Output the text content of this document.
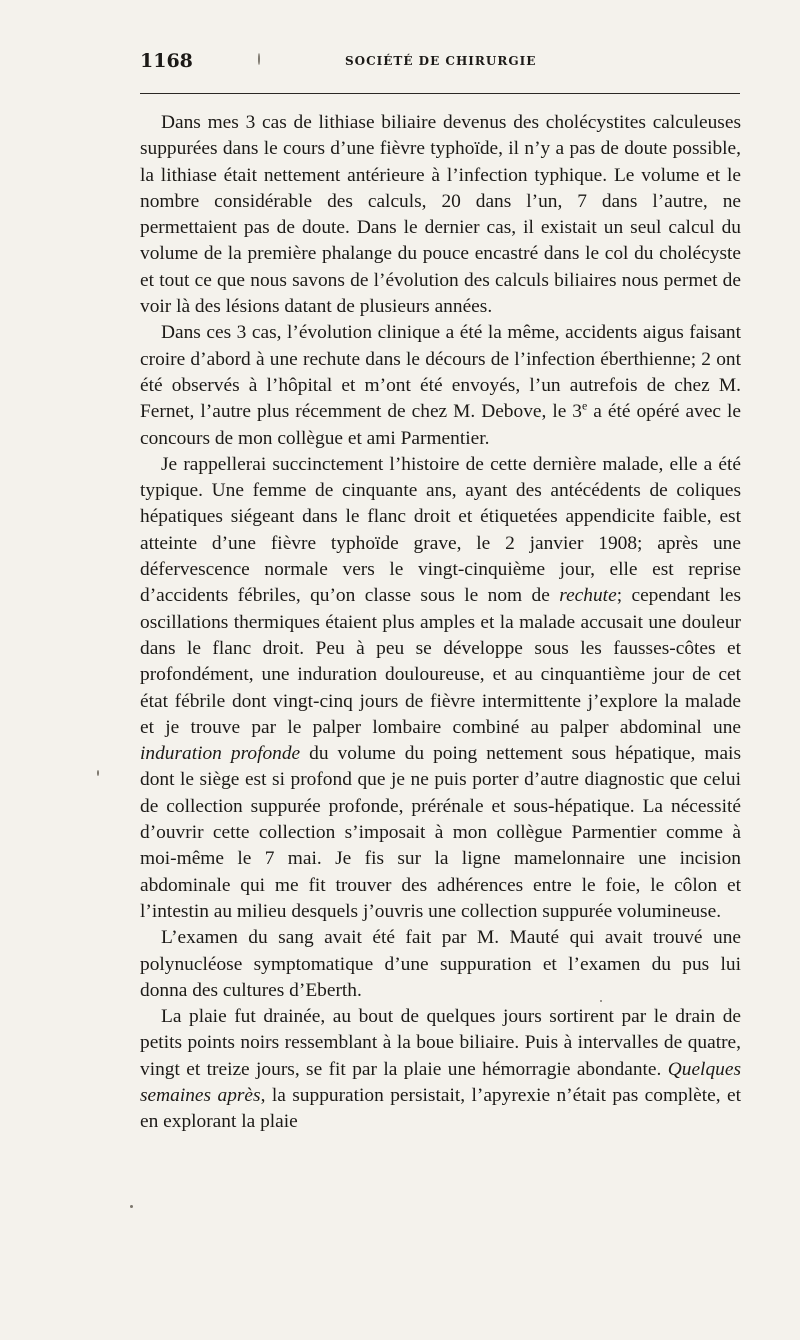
1168	SOCIÉTÉ DE CHIRURGIE

Dans mes 3 cas de lithiase biliaire devenus des cholécystites calculeuses suppurées dans le cours d’une fièvre typhoïde, il n’y a pas de doute possible, la lithiase était nettement antérieure à l’infection typhique. Le volume et le nombre considérable des calculs, 20 dans l’un, 7 dans l’autre, ne permettaient pas de doute. Dans le dernier cas, il existait un seul calcul du volume de la première phalange du pouce encastré dans le col du cholécyste et tout ce que nous savons de l’évolution des calculs biliaires nous permet de voir là des lésions datant de plusieurs années.

Dans ces 3 cas, l’évolution clinique a été la même, accidents aigus faisant croire d’abord à une rechute dans le décours de l’infection éberthienne; 2 ont été observés à l’hôpital et m’ont été envoyés, l’un autrefois de chez M. Fernet, l’autre plus récemment de chez M. Debove, le 3e a été opéré avec le concours de mon collègue et ami Parmentier.

Je rappellerai succinctement l’histoire de cette dernière malade, elle a été typique. Une femme de cinquante ans, ayant des antécédents de coliques hépatiques siégeant dans le flanc droit et étiquetées appendicite faible, est atteinte d’une fièvre typhoïde grave, le 2 janvier 1908; après une défervescence normale vers le vingt-cinquième jour, elle est reprise d’accidents fébriles, qu’on classe sous le nom de rechute; cependant les oscillations thermiques étaient plus amples et la malade accusait une douleur dans le flanc droit. Peu à peu se développe sous les fausses-côtes et profondément, une induration douloureuse, et au cinquantième jour de cet état fébrile dont vingt-cinq jours de fièvre intermittente j’explore la malade et je trouve par le palper lombaire combiné au palper abdominal une induration profonde du volume du poing nettement sous hépatique, mais dont le siège est si profond que je ne puis porter d’autre diagnostic que celui de collection suppurée profonde, prérénale et sous-hépatique. La nécessité d’ouvrir cette collection s’imposait à mon collègue Parmentier comme à moi-même le 7 mai. Je fis sur la ligne mamelonnaire une incision abdominale qui me fit trouver des adhérences entre le foie, le côlon et l’intestin au milieu desquels j’ouvris une collection suppurée volumineuse.

L’examen du sang avait été fait par M. Mauté qui avait trouvé une polynucléose symptomatique d’une suppuration et l’examen du pus lui donna des cultures d’Eberth.

La plaie fut drainée, au bout de quelques jours sortirent par le drain de petits points noirs ressemblant à la boue biliaire. Puis à intervalles de quatre, vingt et treize jours, se fit par la plaie une hémorragie abondante. Quelques semaines après, la suppuration persistait, l’apyrexie n’était pas complète, et en explorant la plaie
